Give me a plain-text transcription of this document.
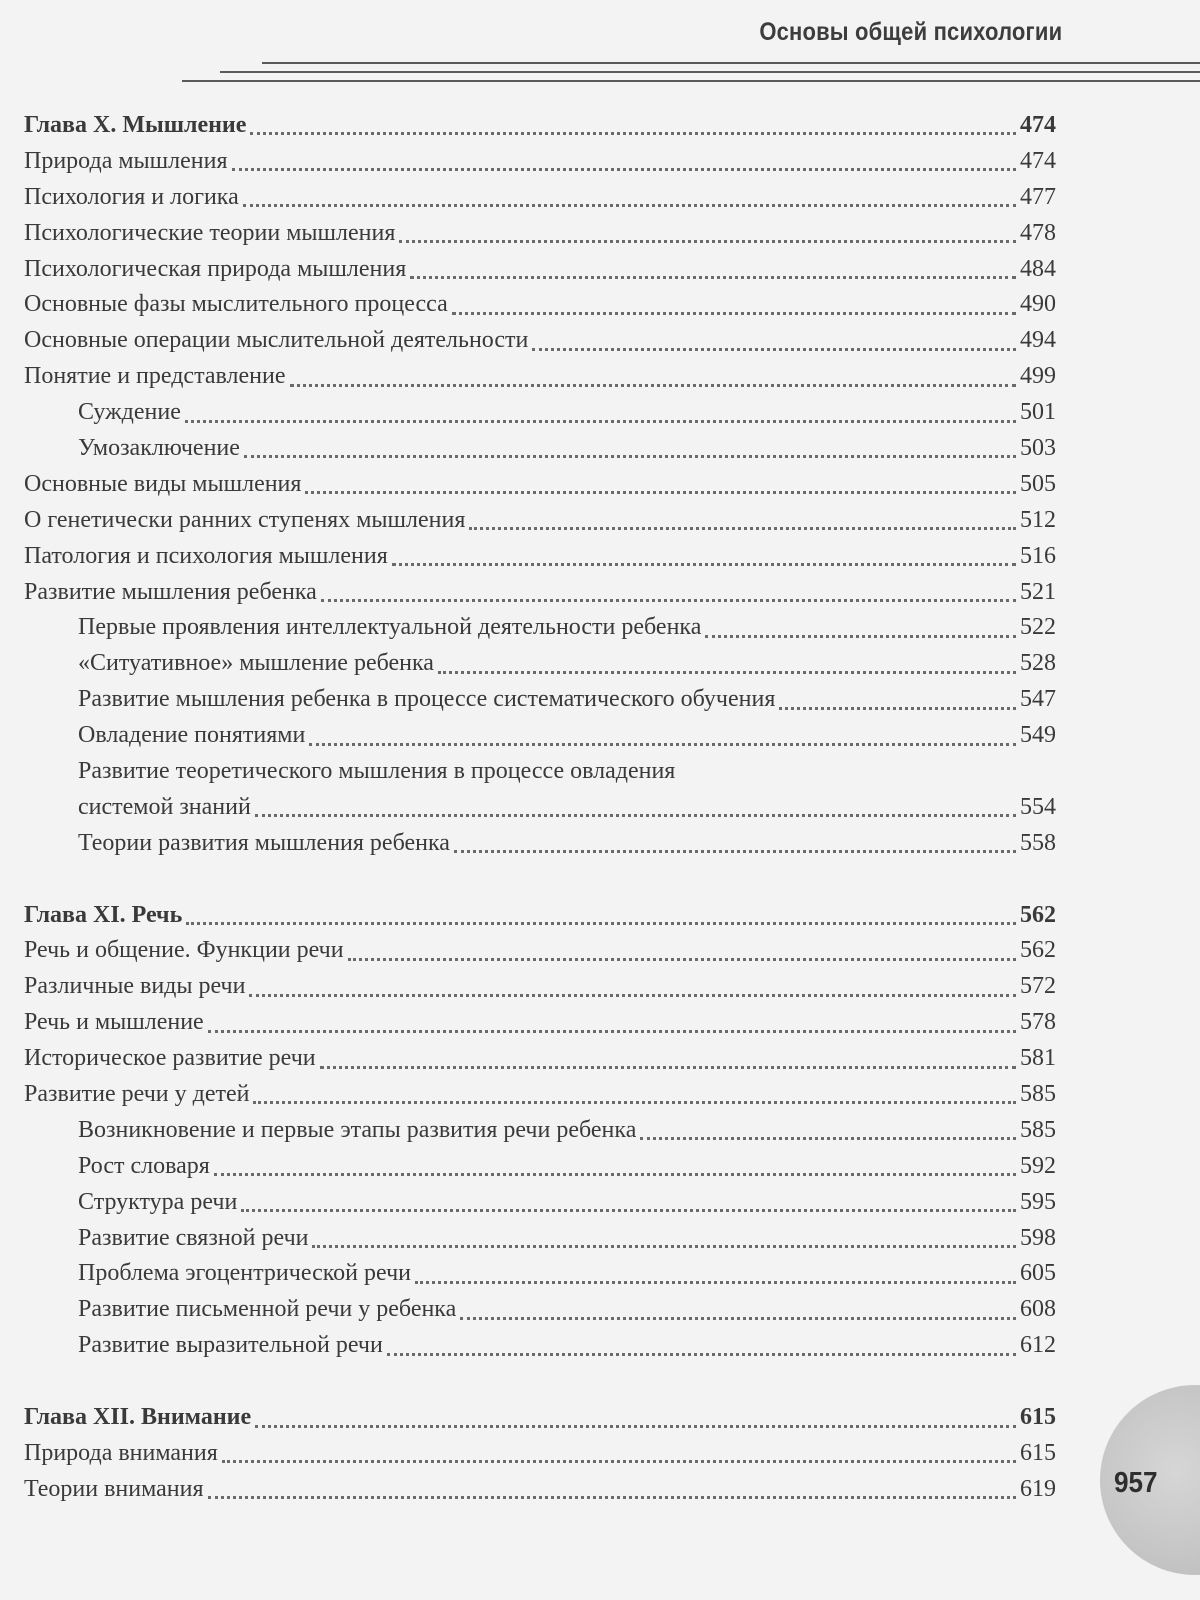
Основы общей психологии
Глава X. Мышление	474
Природа мышления	474
Психология и логика	477
Психологические теории мышления	478
Психологическая природа мышления	484
Основные фазы мыслительного процесса	490
Основные операции мыслительной деятельности	494
Понятие и представление	499
Суждение	501
Умозаключение	503
Основные виды мышления	505
О генетически ранних ступенях мышления	512
Патология и психология мышления	516
Развитие мышления ребенка	521
Первые проявления интеллектуальной деятельности ребенка	522
«Ситуативное» мышление ребенка	528
Развитие мышления ребенка в процессе систематического обучения	547
Овладение понятиями	549
Развитие теоретического мышления в процессе овладения
системой знаний	554
Теории развития мышления ребенка	558
Глава XI. Речь	562
Речь и общение. Функции речи	562
Различные виды речи	572
Речь и мышление	578
Историческое развитие речи	581
Развитие речи у детей	585
Возникновение и первые этапы развития речи ребенка	585
Рост словаря	592
Структура речи	595
Развитие связной речи	598
Проблема эгоцентрической речи	605
Развитие письменной речи у ребенка	608
Развитие выразительной речи	612
Глава XII. Внимание	615
Природа внимания	615
Теории внимания	619 957
